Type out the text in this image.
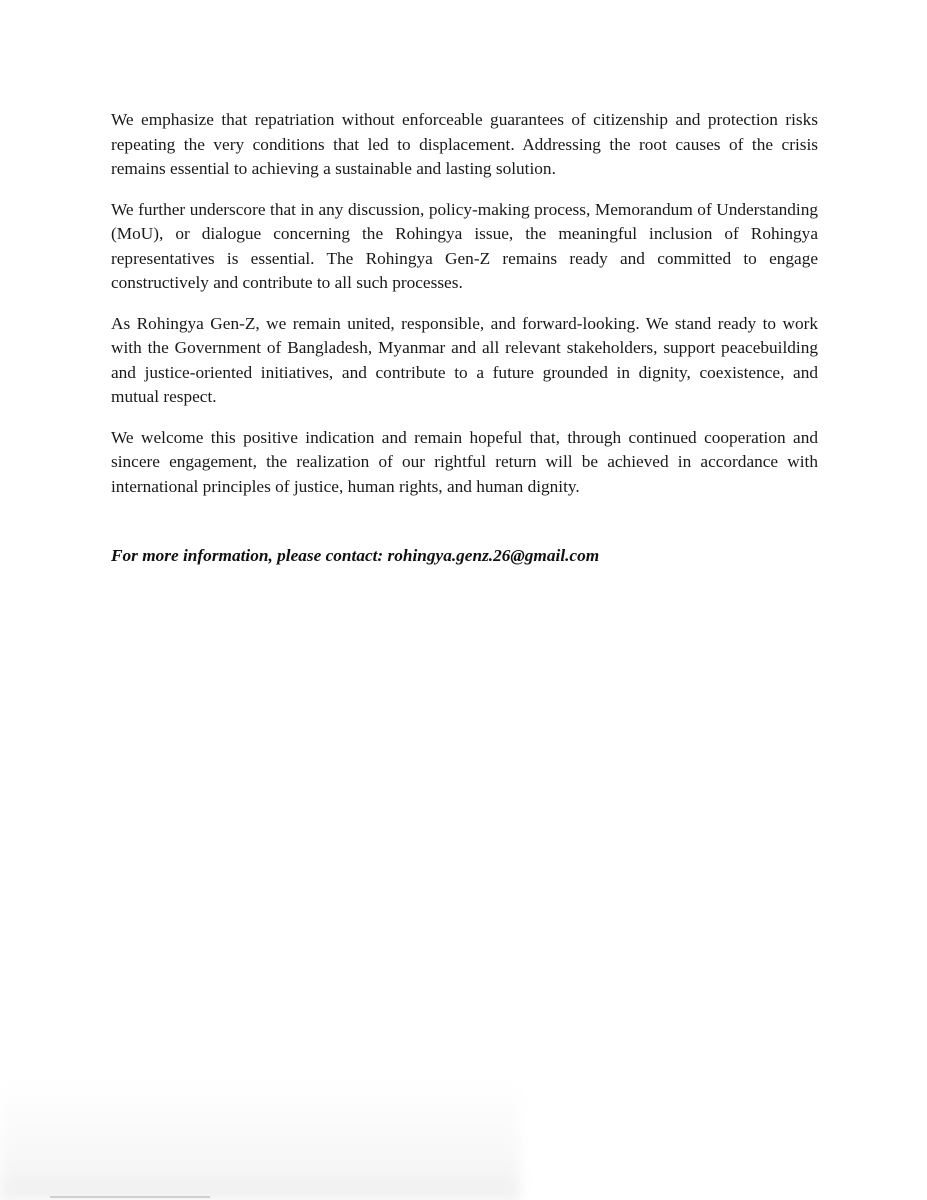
We emphasize that repatriation without enforceable guarantees of citizenship and protection risks repeating the very conditions that led to displacement. Addressing the root causes of the crisis remains essential to achieving a sustainable and lasting solution.

We further underscore that in any discussion, policy-making process, Memorandum of Understanding (MoU), or dialogue concerning the Rohingya issue, the meaningful inclusion of Rohingya representatives is essential. The Rohingya Gen-Z remains ready and committed to engage constructively and contribute to all such processes.

As Rohingya Gen-Z, we remain united, responsible, and forward-looking. We stand ready to work with the Government of Bangladesh, Myanmar and all relevant stakeholders, support peacebuilding and justice-oriented initiatives, and contribute to a future grounded in dignity, coexistence, and mutual respect.

We welcome this positive indication and remain hopeful that, through continued cooperation and sincere engagement, the realization of our rightful return will be achieved in accordance with international principles of justice, human rights, and human dignity.

For more information, please contact: rohingya.genz.26@gmail.com
